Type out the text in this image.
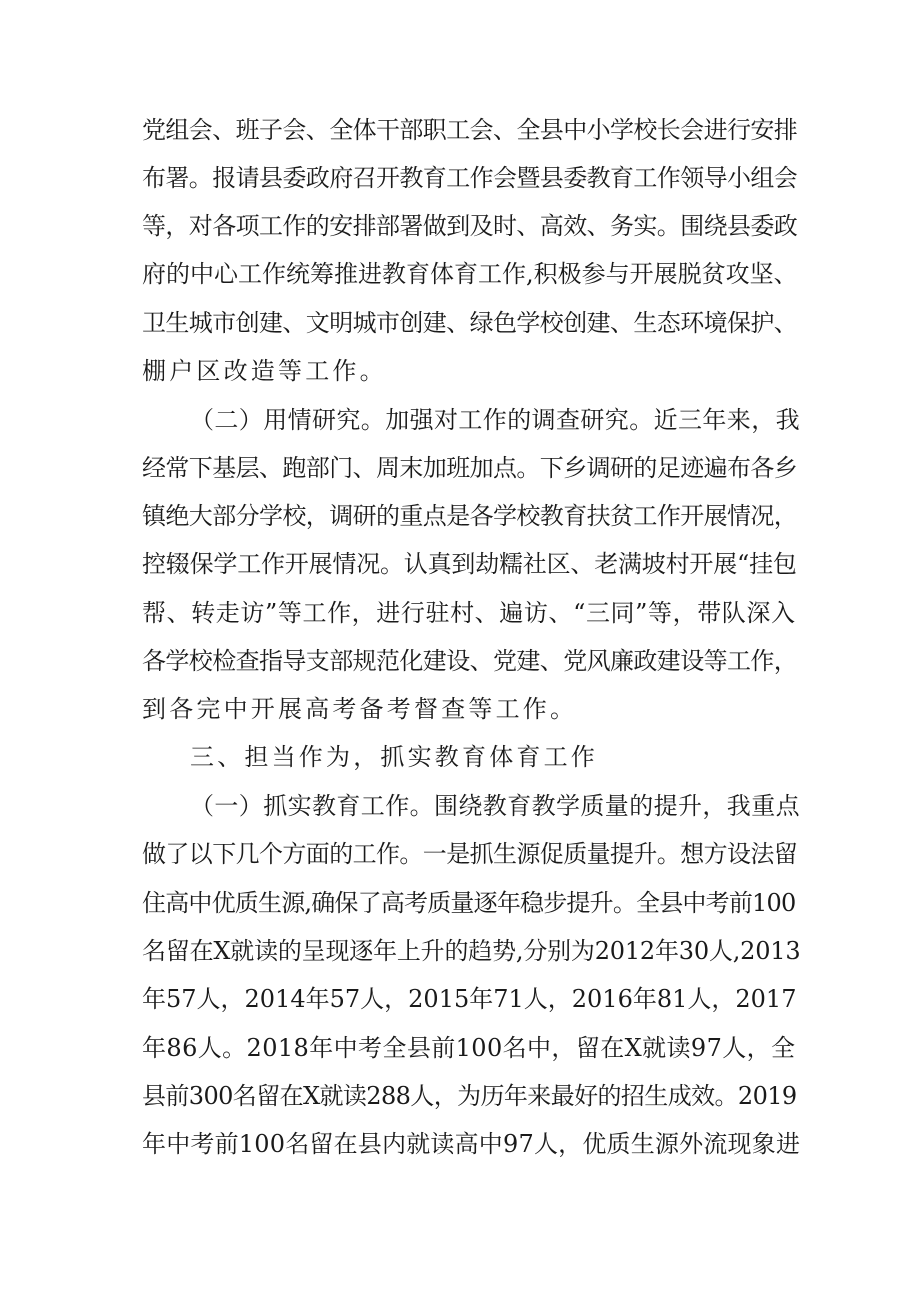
党组会、班子会、全体干部职工会、全县中小学校长会进行安排
布署。报请县委政府召开教育工作会暨县委教育工作领导小组会
等，对各项工作的安排部署做到及时、高效、务实。围绕县委政
府的中心工作统筹推进教育体育工作,积极参与开展脱贫攻坚、
卫生城市创建、文明城市创建、绿色学校创建、生态环境保护、
棚户区改造等工作。
（二）用情研究。加强对工作的调查研究。近三年来，我
经常下基层、跑部门、周末加班加点。下乡调研的足迹遍布各乡
镇绝大部分学校，调研的重点是各学校教育扶贫工作开展情况，
控辍保学工作开展情况。认真到劫糯社区、老满坡村开展“挂包
帮、转走访”等工作，进行驻村、遍访、“三同”等，带队深入
各学校检查指导支部规范化建设、党建、党风廉政建设等工作，
到各完中开展高考备考督查等工作。
三、担当作为，抓实教育体育工作
（一）抓实教育工作。围绕教育教学质量的提升，我重点
做了以下几个方面的工作。一是抓生源促质量提升。想方设法留
住高中优质生源,确保了高考质量逐年稳步提升。全县中考前100
名留在X就读的呈现逐年上升的趋势,分别为2012年30人,2013
年57人，2014年57人，2015年71人，2016年81人，2017
年86人。2018年中考全县前100名中，留在X就读97人，全
县前300名留在X就读288人，为历年来最好的招生成效。2019
年中考前100名留在县内就读高中97人，优质生源外流现象进
